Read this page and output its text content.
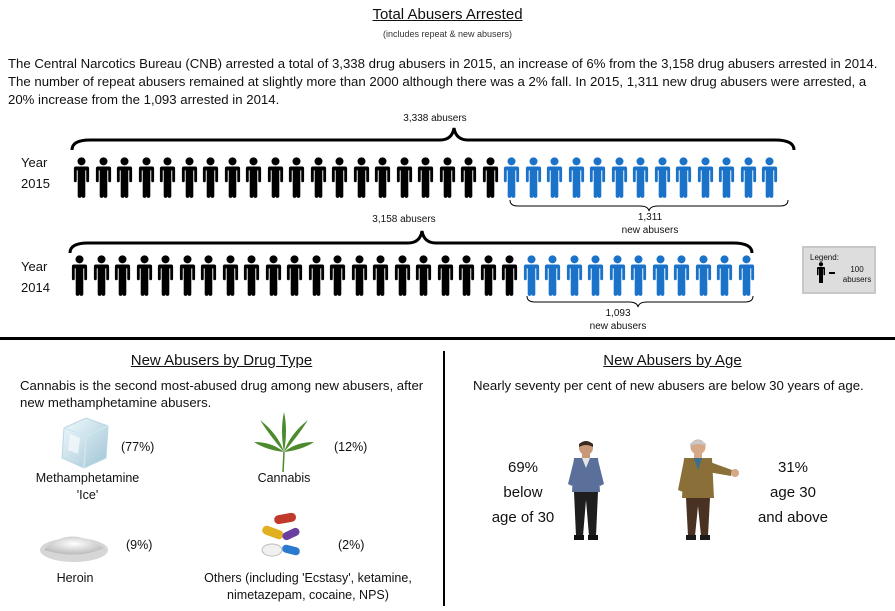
Total Abusers Arrested
(includes repeat & new abusers)
The Central Narcotics Bureau (CNB) arrested a total of 3,338 drug abusers in 2015, an increase of 6% from the 3,158 drug abusers arrested in 2014. The number of repeat abusers remained at slightly more than 2000 although there was a 2% fall. In 2015, 1,311 new drug abusers were arrested, a 20% increase from the 1,093 arrested in 2014.
3,338 abusers
Year
2015
1,311
new abusers
3,158 abusers
Year
2014
1,093
new abusers
Legend:
100
abusers
New Abusers by Drug Type
Cannabis is the second most-abused drug among new abusers, after new methamphetamine abusers.
(77%)
Methamphetamine
'Ice'
(12%)
Cannabis
(9%)
Heroin
(2%)
Others (including 'Ecstasy', ketamine,
nimetazepam, cocaine, NPS)
New Abusers by Age
Nearly seventy per cent of new abusers are below 30 years of age.
69%
below
age of 30
31%
age 30
and above
